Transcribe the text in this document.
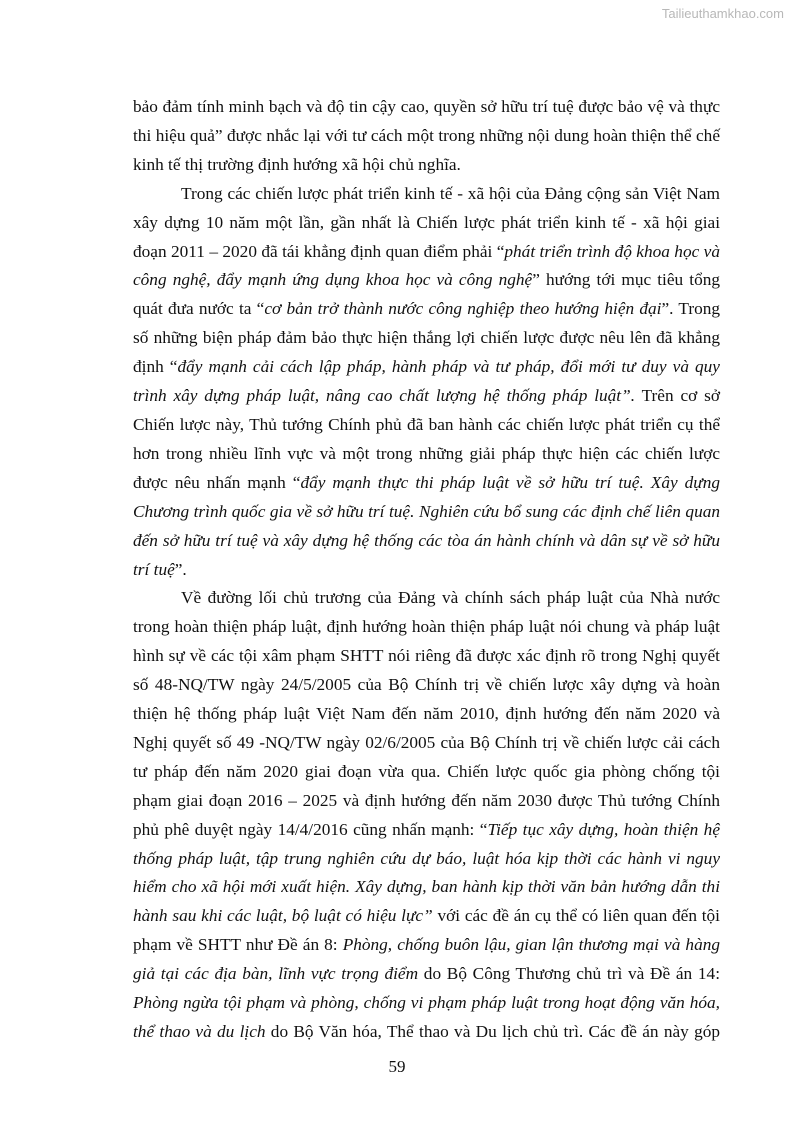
Tailieuthamkhao.com

bảo đảm tính minh bạch và độ tin cậy cao, quyền sở hữu trí tuệ được bảo vệ và thực thi hiệu quả” được nhắc lại với tư cách một trong những nội dung hoàn thiện thể chế kinh tế thị trường định hướng xã hội chủ nghĩa.

Trong các chiến lược phát triển kinh tế - xã hội của Đảng cộng sản Việt Nam xây dựng 10 năm một lần, gần nhất là Chiến lược phát triển kinh tế - xã hội giai đoạn 2011 – 2020 đã tái khẳng định quan điểm phải “phát triển trình độ khoa học và công nghệ, đẩy mạnh ứng dụng khoa học và công nghệ” hướng tới mục tiêu tổng quát đưa nước ta “cơ bản trở thành nước công nghiệp theo hướng hiện đại”. Trong số những biện pháp đảm bảo thực hiện thắng lợi chiến lược được nêu lên đã khẳng định “đẩy mạnh cải cách lập pháp, hành pháp và tư pháp, đổi mới tư duy và quy trình xây dựng pháp luật, nâng cao chất lượng hệ thống pháp luật”. Trên cơ sở Chiến lược này, Thủ tướng Chính phủ đã ban hành các chiến lược phát triển cụ thể hơn trong nhiều lĩnh vực và một trong những giải pháp thực hiện các chiến lược được nêu nhấn mạnh “đẩy mạnh thực thi pháp luật về sở hữu trí tuệ. Xây dựng Chương trình quốc gia về sở hữu trí tuệ. Nghiên cứu bổ sung các định chế liên quan đến sở hữu trí tuệ và xây dựng hệ thống các tòa án hành chính và dân sự về sở hữu trí tuệ”.

Về đường lối chủ trương của Đảng và chính sách pháp luật của Nhà nước trong hoàn thiện pháp luật, định hướng hoàn thiện pháp luật nói chung và pháp luật hình sự về các tội xâm phạm SHTT nói riêng đã được xác định rõ trong Nghị quyết số 48-NQ/TW ngày 24/5/2005 của Bộ Chính trị về chiến lược xây dựng và hoàn thiện hệ thống pháp luật Việt Nam đến năm 2010, định hướng đến năm 2020 và Nghị quyết số 49 -NQ/TW ngày 02/6/2005 của Bộ Chính trị về chiến lược cải cách tư pháp đến năm 2020 giai đoạn vừa qua. Chiến lược quốc gia phòng chống tội phạm giai đoạn 2016 – 2025 và định hướng đến năm 2030 được Thủ tướng Chính phủ phê duyệt ngày 14/4/2016 cũng nhấn mạnh: “Tiếp tục xây dựng, hoàn thiện hệ thống pháp luật, tập trung nghiên cứu dự báo, luật hóa kịp thời các hành vi nguy hiểm cho xã hội mới xuất hiện. Xây dựng, ban hành kịp thời văn bản hướng dẫn thi hành sau khi các luật, bộ luật có hiệu lực” với các đề án cụ thể có liên quan đến tội phạm về SHTT như Đề án 8: Phòng, chống buôn lậu, gian lận thương mại và hàng giả tại các địa bàn, lĩnh vực trọng điểm do Bộ Công Thương chủ trì và Đề án 14: Phòng ngừa tội phạm và phòng, chống vi phạm pháp luật trong hoạt động văn hóa, thể thao và du lịch do Bộ Văn hóa, Thể thao và Du lịch chủ trì. Các đề án này góp

59
